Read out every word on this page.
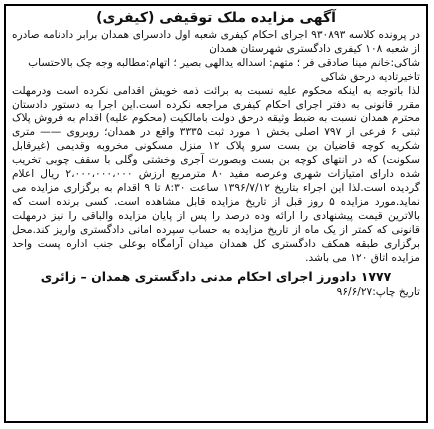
آگهی مزایده ملک توقیفی (کیفری)

در پرونده کلاسه ۹۳۰۸۹۳ اجرای احکام کیفری شعبه اول دادسرای همدان برابر دادنامه صادره از شعبه ۱۰۸ کیفری دادگستری شهرستان همدان

شاکی:خانم مینا صادقی فر ؛ متهم: اسداله یدالهی بصیر ؛ اتهام:مطالبه وجه چک بالاحتساب تاخیرتادیه درحق شاکی

لذا باتوجه به اینکه محکوم علیه نسبت به برائت ذمه خویش اقدامی نکرده است ودرمهلت مقرر قانونی به دفتر اجرای احکام کیفری مراجعه نکرده است.این اجرا به دستور دادستان محترم همدان نسبت به ضبط وثیقه درحق دولت بامالکیت (محکوم علیه) اقدام به فروش پلاک ثبتی ۶ فرعی از ۷۹۷ اصلی بخش ۱ مورد ثبت ۳۳۳۵ واقع در همدان؛ روبروی —— متری شکریه کوچه قاضیان بن بست سرو پلاک ۱۲ منزل مسکونی مخروبه وقدیمی (غیرقابل سکونت) که در انتهای کوچه بن بست وبصورت آجری وخشتی وگلی با سقف چوبی تخریب شده دارای امتیازات شهری وعرصه مفید ۸۰ مترمربع ارزش ۲،۰۰۰،۰۰۰،۰۰۰ ریال اعلام گردیده است.لذا این اجراء بتاریخ ۱۳۹۶/۷/۱۲ ساعت ۸:۳۰ تا ۹ اقدام به برگزاری مزایده می نماید.مورد مزایده ۵ روز قبل از تاریخ مزایده قابل مشاهده است. کسی برنده است که بالاترین قیمت پیشنهادی را ارائه وده درصد را پس از پایان مزایده والباقی را نیز درمهلت قانونی که کمتر از یک ماه از تاریخ مزایده به حساب سپرده امانی دادگستری واریز کند.محل برگزاری طبقه همکف دادگستری کل همدان میدان آرامگاه بوعلی جنب اداره پست واحد مزایده اتاق ۱۲۰ می باشد.

۱۷۷۷ دادورز اجرای احکام مدنی دادگستری همدان – زائری
تاریخ چاپ:۹۶/۶/۲۷
